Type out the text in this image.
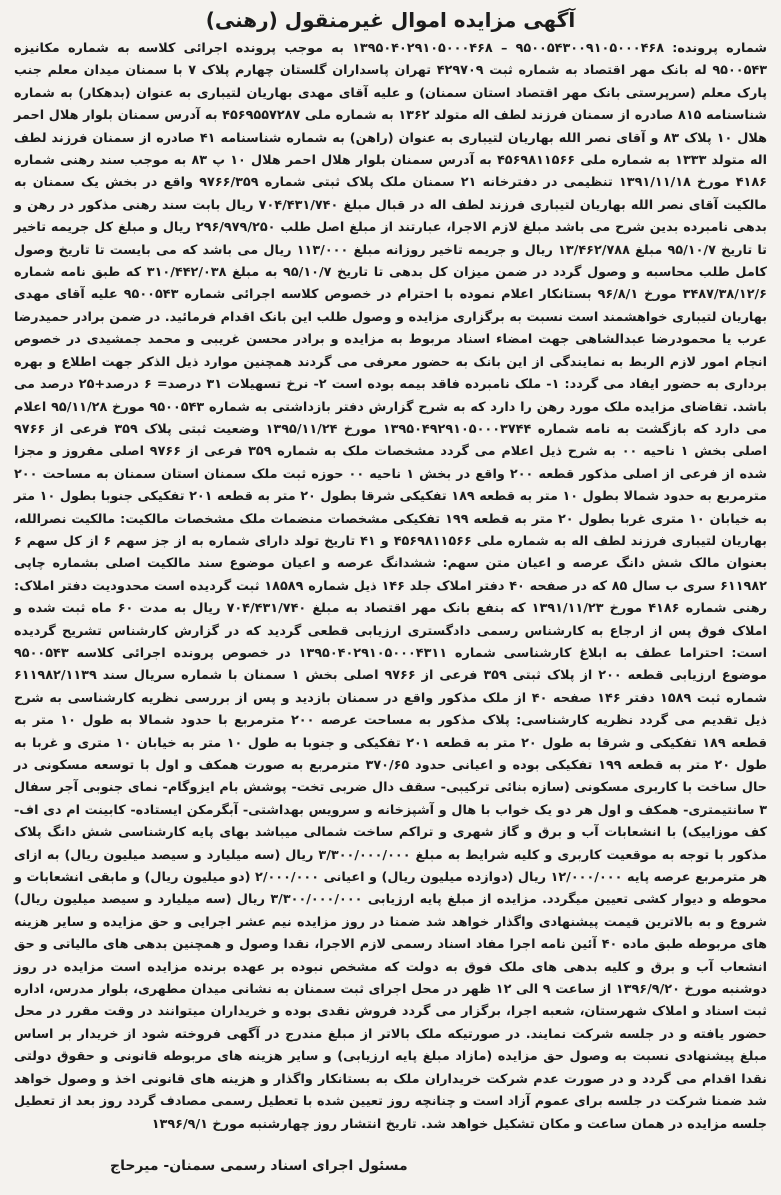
آگهی مزایده اموال غیرمنقول (رهنی)

شماره پرونده: ۹۵۰۰۵۴۳۰۰۹۱۰۵۰۰۰۴۶۸ – ۱۳۹۵۰۴۰۲۹۱۰۵۰۰۰۴۶۸ به موجب پرونده اجرائی کلاسه به شماره مکانیزه ۹۵۰۰۵۴۳ له بانک مهر اقتصاد به شماره ثبت ۴۲۹۷۰۹ تهران پاسداران گلستان چهارم پلاک ۷ با سمنان میدان معلم جنب پارک معلم (سرپرستی بانک مهر اقتصاد استان سمنان) و علیه آقای مهدی بهاریان لتیباری به عنوان (بدهکار) به شماره شناسنامه ۸۱۵ صادره از سمنان فرزند لطف اله متولد ۱۳۶۲ به شماره ملی ۴۵۶۹۵۵۷۲۸۷ به آدرس سمنان بلوار هلال احمر هلال ۱۰ پلاک ۸۳ و آقای نصر الله بهاریان لتیباری به عنوان (راهن) به شماره شناسنامه ۴۱ صادره از سمنان فرزند لطف اله متولد ۱۳۳۳ به شماره ملی ۴۵۶۹۸۱۱۵۶۶ به آدرس سمنان بلوار هلال احمر هلال ۱۰ پ ۸۳ به موجب سند رهنی شماره ۴۱۸۶ مورخ ۱۳۹۱/۱۱/۱۸ تنظیمی در دفترخانه ۲۱ سمنان ملک پلاک ثبتی شماره ۹۷۶۶/۳۵۹ واقع در بخش یک سمنان به مالکیت آقای نصر الله بهاریان لتیباری فرزند لطف اله در قبال مبلغ ۷۰۴/۴۳۱/۷۴۰ ریال بابت سند رهنی مذکور در رهن و بدهی نامبرده بدین شرح می باشد مبلغ لازم الاجرا، عبارتند از مبلغ اصل طلب ۲۹۶/۹۷۹/۲۵۰ ریال و مبلغ کل جریمه تاخیر تا تاریخ ۹۵/۱۰/۷ مبلغ ۱۳/۴۶۲/۷۸۸ ریال و جریمه تاخیر روزانه مبلغ ۱۱۳/۰۰۰ ریال می باشد که می بایست تا تاریخ وصول کامل طلب محاسبه و وصول گردد در ضمن میزان کل بدهی تا تاریخ ۹۵/۱۰/۷ به مبلغ ۳۱۰/۴۴۲/۰۳۸ که طبق نامه شماره ۳۴۸۷/۳۸/۱۲/۶ مورخ ۹۶/۸/۱ بستانکار اعلام نموده با احترام در خصوص کلاسه اجرائی شماره ۹۵۰۰۵۴۳ علیه آقای مهدی بهاریان لتیباری خواهشمند است نسبت به برگزاری مزایده و وصول طلب این بانک اقدام فرمائید. در ضمن برادر حمیدرضا عرب یا محمودرضا عبدالشاهی جهت امضاء اسناد مربوط به مزایده و برادر محسن غریبی و محمد جمشیدی در خصوص انجام امور لازم الربط به نمایندگی از این بانک به حضور معرفی می گردند همچنین موارد ذیل الذکر جهت اطلاع و بهره برداری به حضور ایفاد می گردد: ۱- ملک نامبرده فاقد بیمه بوده است ۲- نرخ تسهیلات ۳۱ درصد= ۶ درصد+۲۵ درصد می باشد. تقاضای مزایده ملک مورد رهن را دارد که به شرح گزارش دفتر بازداشتی به شماره ۹۵۰۰۵۴۳ مورخ ۹۵/۱۱/۲۸ اعلام می دارد که بازگشت به نامه شماره ۱۳۹۵۰۴۹۲۹۱۰۵۰۰۰۳۷۴۴ مورخ ۱۳۹۵/۱۱/۲۴ وضعیت ثبتی پلاک ۳۵۹ فرعی از ۹۷۶۶ اصلی بخش ۱ ناحیه ۰۰ به شرح ذیل اعلام می گردد مشخصات ملک به شماره ۳۵۹ فرعی از ۹۷۶۶ اصلی مفروز و مجزا شده از فرعی از اصلی مذکور قطعه ۲۰۰ واقع در بخش ۱ ناحیه ۰۰ حوزه ثبت ملک سمنان استان سمنان به مساحت ۲۰۰ مترمربع به حدود شمالا بطول ۱۰ متر به قطعه ۱۸۹ تفکیکی شرقا بطول ۲۰ متر به قطعه ۲۰۱ تفکیکی جنوبا بطول ۱۰ متر به خیابان ۱۰ متری غربا بطول ۲۰ متر به قطعه ۱۹۹ تفکیکی مشخصات منضمات ملک مشخصات مالکیت: مالکیت نصرالله، بهاریان لتیباری فرزند لطف اله به شماره ملی ۴۵۶۹۸۱۱۵۶۶ و ۴۱ تاریخ تولد دارای شماره به از جز سهم ۶ از کل سهم ۶ بعنوان مالک شش دانگ عرصه و اعیان متن سهم: ششدانگ عرصه و اعیان موضوع سند مالکیت اصلی بشماره چاپی ۶۱۱۹۸۲ سری ب سال ۸۵ که در صفحه ۴۰ دفتر املاک جلد ۱۴۶ ذیل شماره ۱۸۵۸۹ ثبت گردیده است محدودیت دفتر املاک: رهنی شماره ۴۱۸۶ مورخ ۱۳۹۱/۱۱/۲۳ که بنفع بانک مهر اقتصاد به مبلغ ۷۰۴/۴۳۱/۷۴۰ ریال به مدت ۶۰ ماه ثبت شده و املاک فوق پس از ارجاع به کارشناس رسمی دادگستری ارزیابی قطعی گردید که در گزارش کارشناس تشریح گردیده است: احتراما عطف به ابلاغ کارشناسی شماره ۱۳۹۵۰۴۰۲۹۱۰۵۰۰۰۴۳۱۱ در خصوص پرونده اجرائی کلاسه ۹۵۰۰۵۴۳ موضوع ارزیابی قطعه ۲۰۰ از پلاک ثبتی ۳۵۹ فرعی از ۹۷۶۶ اصلی بخش ۱ سمنان با شماره سریال سند ۶۱۱۹۸۲/۱۱۳۹ شماره ثبت ۱۵۸۹ دفتر ۱۴۶ صفحه ۴۰ از ملک مذکور واقع در سمنان بازدید و پس از بررسی نظریه کارشناسی به شرح ذیل تقدیم می گردد نظریه کارشناسی: پلاک مذکور به مساحت عرصه ۲۰۰ مترمربع با حدود شمالا به طول ۱۰ متر به قطعه ۱۸۹ تفکیکی و شرقا به طول ۲۰ متر به قطعه ۲۰۱ تفکیکی و جنوبا به طول ۱۰ متر به خیابان ۱۰ متری و غربا به طول ۲۰ متر به قطعه ۱۹۹ تفکیکی بوده و اعیانی حدود ۳۷۰/۶۵ مترمربع به صورت همکف و اول با توسعه مسکونی در حال ساخت با کاربری مسکونی (سازه بنائی ترکیبی- سقف دال ضربی تخت- پوشش بام ایزوگام- نمای جنوبی آجر سفال ۳ سانتیمتری- همکف و اول هر دو یک خواب با هال و آشپزخانه و سرویس بهداشتی- آبگرمکن ایستاده- کابینت ام دی اف- کف موزاییک) با انشعابات آب و برق و گاز شهری و تراکم ساخت شمالی میباشد بهای پایه کارشناسی شش دانگ پلاک مذکور با توجه به موقعیت کاربری و کلیه شرایط به مبلغ ۳/۳۰۰/۰۰۰/۰۰۰ ریال (سه میلیارد و سیصد میلیون ریال) به ازای هر مترمربع عرصه پایه ۱۲/۰۰۰/۰۰۰ ریال (دوازده میلیون ریال) و اعیانی ۲/۰۰۰/۰۰۰ (دو میلیون ریال) و مابقی انشعابات و محوطه و دیوار کشی تعیین میگردد. مزایده از مبلغ پایه ارزیابی ۳/۳۰۰/۰۰۰/۰۰۰ ریال (سه میلیارد و سیصد میلیون ریال) شروع و به بالاترین قیمت پیشنهادی واگذار خواهد شد ضمنا در روز مزایده نیم عشر اجرایی و حق مزایده و سایر هزینه های مربوطه طبق ماده ۴۰ آئین نامه اجرا مفاد اسناد رسمی لازم الاجرا، نقدا وصول و همچنین بدهی های مالیاتی و حق انشعاب آب و برق و کلیه بدهی های ملک فوق به دولت که مشخص نبوده بر عهده برنده مزایده است مزایده در روز دوشنبه مورخ ۱۳۹۶/۹/۲۰ از ساعت ۹ الی ۱۲ ظهر در محل اجرای ثبت سمنان به نشانی میدان مطهری، بلوار مدرس، اداره ثبت اسناد و املاک شهرستان، شعبه اجرا، برگزار می گردد فروش نقدی بوده و خریداران میتوانند در وقت مقرر در محل حضور یافته و در جلسه شرکت نمایند. در صورتیکه ملک بالاتر از مبلغ مندرج در آگهی فروخته شود از خریدار بر اساس مبلغ پیشنهادی نسبت به وصول حق مزایده (مازاد مبلغ پایه ارزیابی) و سایر هزینه های مربوطه قانونی و حقوق دولتی نقدا اقدام می گردد و در صورت عدم شرکت خریداران ملک به بستانکار واگذار و هزینه های قانونی اخذ و وصول خواهد شد ضمنا شرکت در جلسه برای عموم آزاد است و چنانچه روز تعیین شده با تعطیل رسمی مصادف گردد روز بعد از تعطیل جلسه مزایده در همان ساعت و مکان تشکیل خواهد شد. تاریخ انتشار روز چهارشنبه مورخ ۱۳۹۶/۹/۱

مسئول اجرای اسناد رسمی سمنان- میرحاج
